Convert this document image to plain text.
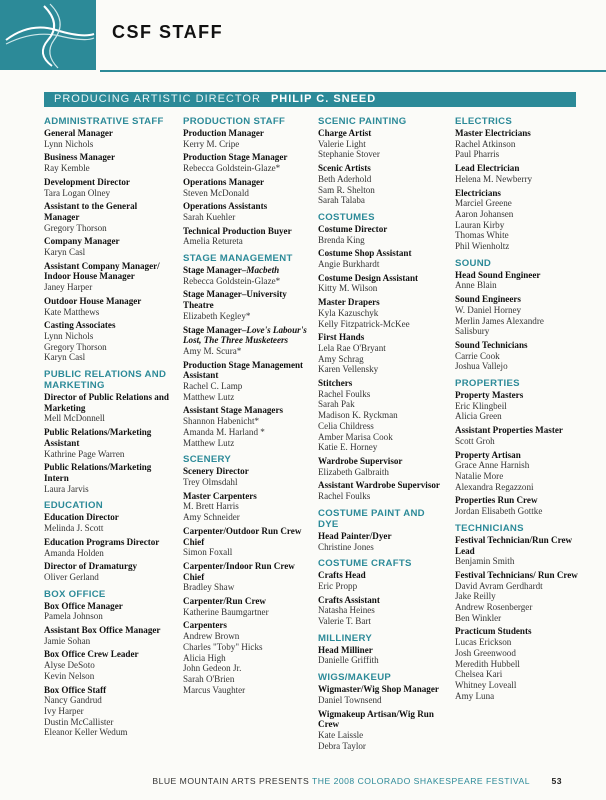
CSF STAFF
PRODUCING ARTISTIC DIRECTOR PHILIP C. SNEED
ADMINISTRATIVE STAFF
General Manager
Lynn Nichols
Business Manager
Ray Kemble
Development Director
Tara Logan Olney
Assistant to the General Manager
Gregory Thorson
Company Manager
Karyn Casl
Assistant Company Manager/ Indoor House Manager
Janey Harper
Outdoor House Manager
Kate Matthews
Casting Associates
Lynn Nichols
Gregory Thorson
Karyn Casl
PUBLIC RELATIONS AND MARKETING
Director of Public Relations and Marketing
Mell McDonnell
Public Relations/Marketing Assistant
Kathrine Page Warren
Public Relations/Marketing Intern
Laura Jarvis
EDUCATION
Education Director
Melinda J. Scott
Education Programs Director
Amanda Holden
Director of Dramaturgy
Oliver Gerland
BOX OFFICE
Box Office Manager
Pamela Johnson
Assistant Box Office Manager
Jamie Sohan
Box Office Crew Leader
Alyse DeSoto
Kevin Nelson
Box Office Staff
Nancy Gandrud
Ivy Harper
Dustin McCallister
Eleanor Keller Wedum
PRODUCTION STAFF
Production Manager
Kerry M. Cripe
Production Stage Manager
Rebecca Goldstein-Glaze*
Operations Manager
Steven McDonald
Operations Assistants
Sarah Kuehler
Technical Production Buyer
Amelia Retureta
STAGE MANAGEMENT
Stage Manager–Macbeth
Rebecca Goldstein-Glaze*
Stage Manager–University Theatre
Elizabeth Kegley*
Stage Manager–Love's Labour's Lost, The Three Musketeers
Amy M. Scura*
Production Stage Management Assistant
Rachel C. Lamp
Matthew Lutz
Assistant Stage Managers
Shannon Habenicht*
Amanda M. Harland *
Matthew Lutz
SCENERY
Scenery Director
Trey Olmsdahl
Master Carpenters
M. Brett Harris
Amy Schneider
Carpenter/Outdoor Run Crew Chief
Simon Foxall
Carpenter/Indoor Run Crew Chief
Bradley Shaw
Carpenter/Run Crew
Katherine Baumgartner
Carpenters
Andrew Brown
Charles "Toby" Hicks
Alicia High
John Gedeon Jr.
Sarah O'Brien
Marcus Vaughter
SCENIC PAINTING
Charge Artist
Valerie Light
Stephanie Stover
Scenic Artists
Beth Aderhold
Sam R. Shelton
Sarah Talaba
COSTUMES
Costume Director
Brenda King
Costume Shop Assistant
Angie Burkhardt
Costume Design Assistant
Kitty M. Wilson
Master Drapers
Kyla Kazuschyk
Kelly Fitzpatrick-McKee
First Hands
Lela Rae O'Bryant
Amy Schrag
Karen Vellensky
Stitchers
Rachel Foulks
Sarah Pak
Madison K. Ryckman
Celia Childress
Amber Marisa Cook
Katie E. Horney
Wardrobe Supervisor
Elizabeth Galbraith
Assistant Wardrobe Supervisor
Rachel Foulks
COSTUME PAINT AND DYE
Head Painter/Dyer
Christine Jones
COSTUME CRAFTS
Crafts Head
Eric Propp
Crafts Assistant
Natasha Heines
Valerie T. Bart
MILLINERY
Head Milliner
Danielle Griffith
WIGS/MAKEUP
Wigmaster/Wig Shop Manager
Daniel Townsend
Wigmakeup Artisan/Wig Run Crew
Kate Laissle
Debra Taylor
ELECTRICS
Master Electricians
Rachel Atkinson
Paul Pharris
Lead Electrician
Helena M. Newberry
Electricians
Marciel Greene
Aaron Johansen
Lauran Kirby
Thomas White
Phil Wienholtz
SOUND
Head Sound Engineer
Anne Blain
Sound Engineers
W. Daniel Horney
Merlin James Alexandre Salisbury
Sound Technicians
Carrie Cook
Joshua Vallejo
PROPERTIES
Property Masters
Eric Klingbeil
Alicia Green
Assistant Properties Master
Scott Groh
Property Artisan
Grace Anne Harnish
Natalie More
Alexandra Regazzoni
Properties Run Crew
Jordan Elisabeth Gottke
TECHNICIANS
Festival Technician/Run Crew Lead
Benjamin Smith
Festival Technicians/ Run Crew
David Avram Gerdhardt
Jake Reilly
Andrew Rosenberger
Ben Winkler
Practicum Students
Lucas Erickson
Josh Greenwood
Meredith Hubbell
Chelsea Kari
Whitney Loveall
Amy Luna
BLUE MOUNTAIN ARTS PRESENTS THE 2008 COLORADO SHAKESPEARE FESTIVAL 53
